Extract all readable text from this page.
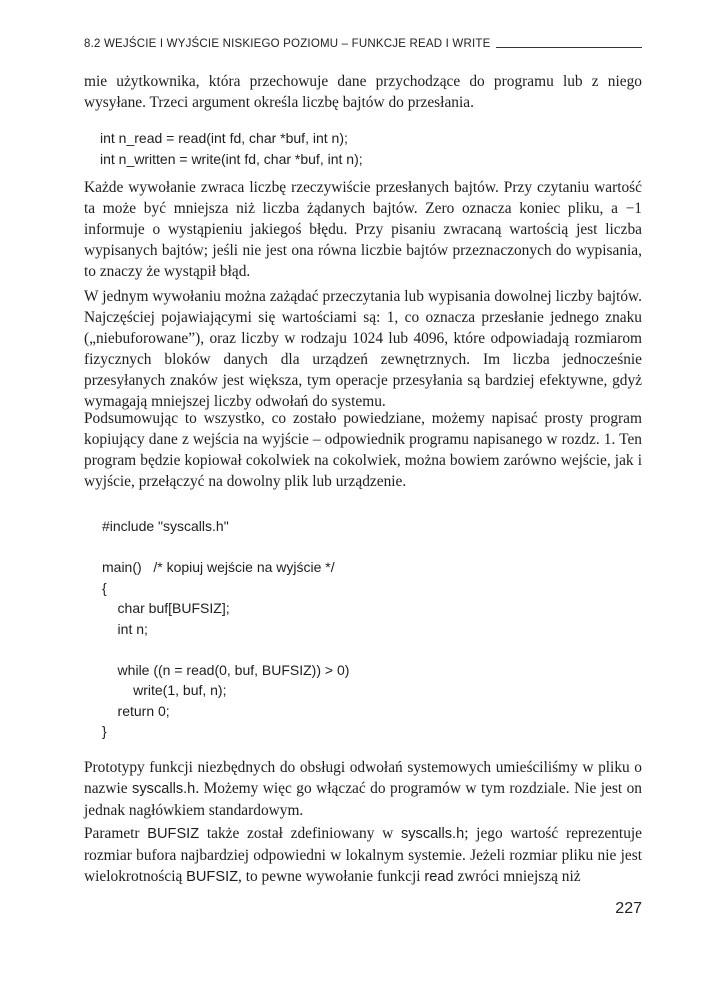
8.2 WEJŚCIE I WYJŚCIE NISKIEGO POZIOMU – FUNKCJE READ I WRITE

mie użytkownika, która przechowuje dane przychodzące do programu lub z niego wysyłane. Trzeci argument określa liczbę bajtów do przesłania.

int n_read = read(int fd, char *buf, int n);
int n_written = write(int fd, char *buf, int n);

Każde wywołanie zwraca liczbę rzeczywiście przesłanych bajtów. Przy czytaniu wartość ta może być mniejsza niż liczba żądanych bajtów. Zero oznacza koniec pliku, a −1 informuje o wystąpieniu jakiegoś błędu. Przy pisaniu zwracaną wartością jest liczba wypisanych bajtów; jeśli nie jest ona równa liczbie bajtów przeznaczonych do wypisania, to znaczy że wystąpił błąd.

W jednym wywołaniu można zażądać przeczytania lub wypisania dowolnej liczby bajtów. Najczęściej pojawiającymi się wartościami są: 1, co oznacza przesłanie jednego znaku („niebuforowane”), oraz liczby w rodzaju 1024 lub 4096, które odpowiadają rozmiarom fizycznych bloków danych dla urządzeń zewnętrznych. Im liczba jednocześnie przesyłanych znaków jest większa, tym operacje przesyłania są bardziej efektywne, gdyż wymagają mniejszej liczby odwołań do systemu.

Podsumowując to wszystko, co zostało powiedziane, możemy napisać prosty program kopiujący dane z wejścia na wyjście – odpowiednik programu napisanego w rozdz. 1. Ten program będzie kopiował cokolwiek na cokolwiek, można bowiem zarówno wejście, jak i wyjście, przełączyć na dowolny plik lub urządzenie.

#include "syscalls.h"

main()   /* kopiuj wejście na wyjście */
{
char buf[BUFSIZ];
int n;

while ((n = read(0, buf, BUFSIZ)) > 0)
write(1, buf, n);
return 0;
}

Prototypy funkcji niezbędnych do obsługi odwołań systemowych umieściliśmy w pliku o nazwie syscalls.h. Możemy więc go włączać do programów w tym rozdziale. Nie jest on jednak nagłówkiem standardowym.

Parametr BUFSIZ także został zdefiniowany w syscalls.h; jego wartość reprezentuje rozmiar bufora najbardziej odpowiedni w lokalnym systemie. Jeżeli rozmiar pliku nie jest wielokrotnością BUFSIZ, to pewne wywołanie funkcji read zwróci mniejszą niż

227
